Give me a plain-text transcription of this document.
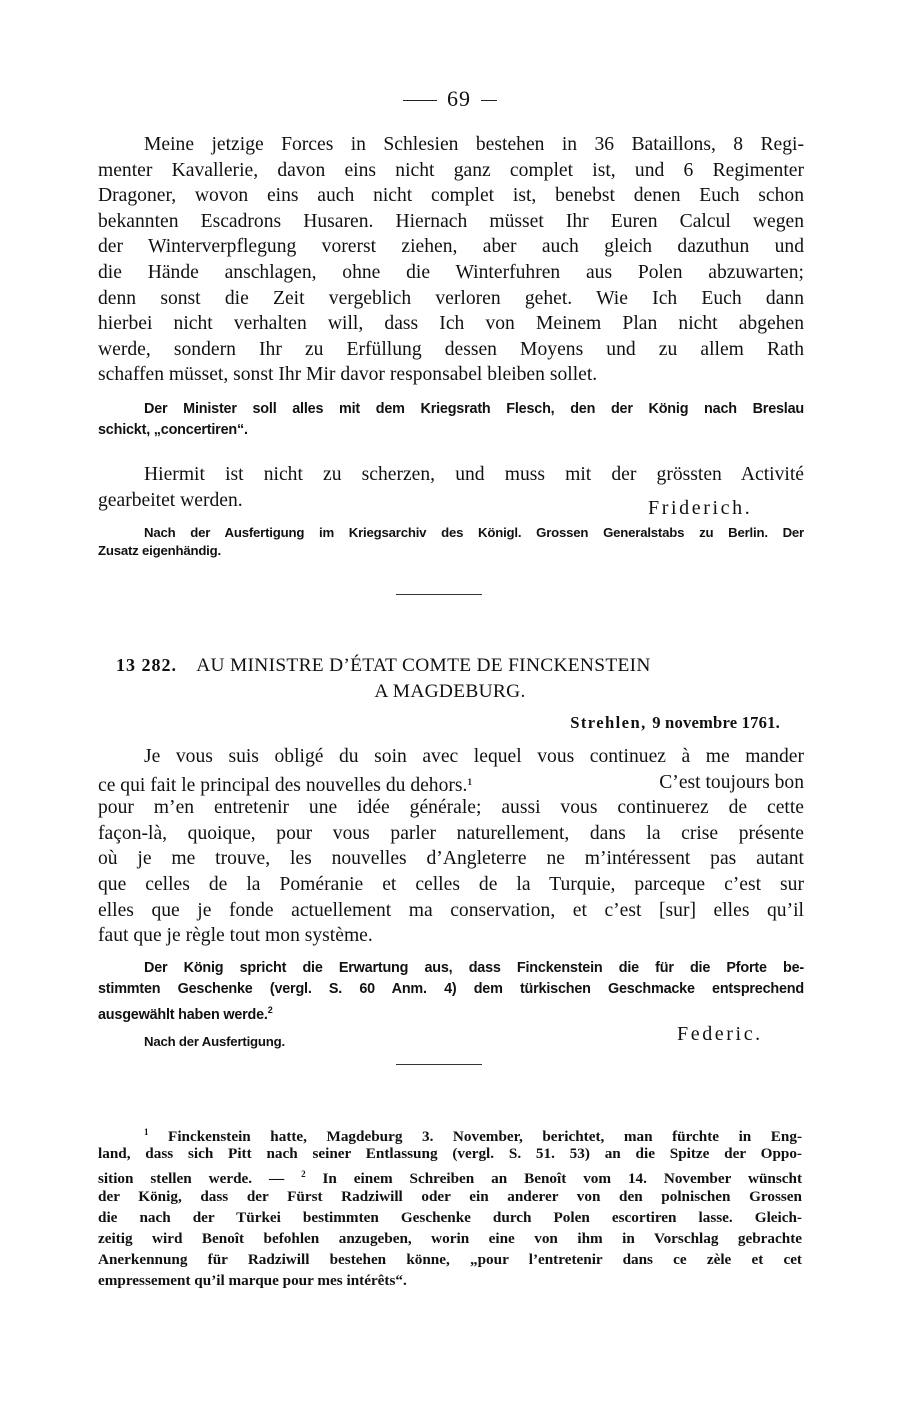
69
Meine jetzige Forces in Schlesien bestehen in 36 Bataillons, 8 Regi-
menter Kavallerie, davon eins nicht ganz complet ist, und 6 Regimenter
Dragoner, wovon eins auch nicht complet ist, benebst denen Euch schon
bekannten Escadrons Husaren. Hiernach müsset Ihr Euren Calcul wegen
der Winterverpflegung vorerst ziehen, aber auch gleich dazuthun und
die Hände anschlagen, ohne die Winterfuhren aus Polen abzuwarten;
denn sonst die Zeit vergeblich verloren gehet. Wie Ich Euch dann
hierbei nicht verhalten will, dass Ich von Meinem Plan nicht abgehen
werde, sondern Ihr zu Erfüllung dessen Moyens und zu allem Rath
schaffen müsset, sonst Ihr Mir davor responsabel bleiben sollet.
Der Minister soll alles mit dem Kriegsrath Flesch, den der König nach Breslau
schickt, „concertiren“.
Hiermit ist nicht zu scherzen, und muss mit der grössten Activité
gearbeitet werden.	Friderich.
Nach der Ausfertigung im Kriegsarchiv des Königl. Grossen Generalstabs zu Berlin. Der
Zusatz eigenhändig.
13 282. AU MINISTRE D’ÉTAT COMTE DE FINCKENSTEIN
A MAGDEBURG.
Strehlen, 9 novembre 1761.
Je vous suis obligé du soin avec lequel vous continuez à me mander
ce qui fait le principal des nouvelles du dehors.$^1$	C’est toujours bon
pour m’en entretenir une idée générale; aussi vous continuerez de cette
façon-là, quoique, pour vous parler naturellement, dans la crise présente
où je me trouve, les nouvelles d’Angleterre ne m’intéressent pas autant
que celles de la Poméranie et celles de la Turquie, parceque c’est sur
elles que je fonde actuellement ma conservation, et c’est [sur] elles qu’il
faut que je règle tout mon système.
Der König spricht die Erwartung aus, dass Finckenstein die für die Pforte be-
stimmten Geschenke (vergl. S. 60 Anm. 4) dem türkischen Geschmacke entsprechend
ausgewählt haben werde.$^2$
Nach der Ausfertigung.	Federic.
$^1$ Finckenstein hatte, Magdeburg 3. November, berichtet, man fürchte in Eng-
land, dass sich Pitt nach seiner Entlassung (vergl. S. 51. 53) an die Spitze der Oppo-
sition stellen werde. — $^2$ In einem Schreiben an Benoît vom 14. November wünscht
der König, dass der Fürst Radziwill oder ein anderer von den polnischen Grossen
die nach der Türkei bestimmten Geschenke durch Polen escortiren lasse. Gleich-
zeitig wird Benoît befohlen anzugeben, worin eine von ihm in Vorschlag gebrachte
Anerkennung für Radziwill bestehen könne, „pour l’entretenir dans ce zèle et cet
empressement qu’il marque pour mes intérêts“.
